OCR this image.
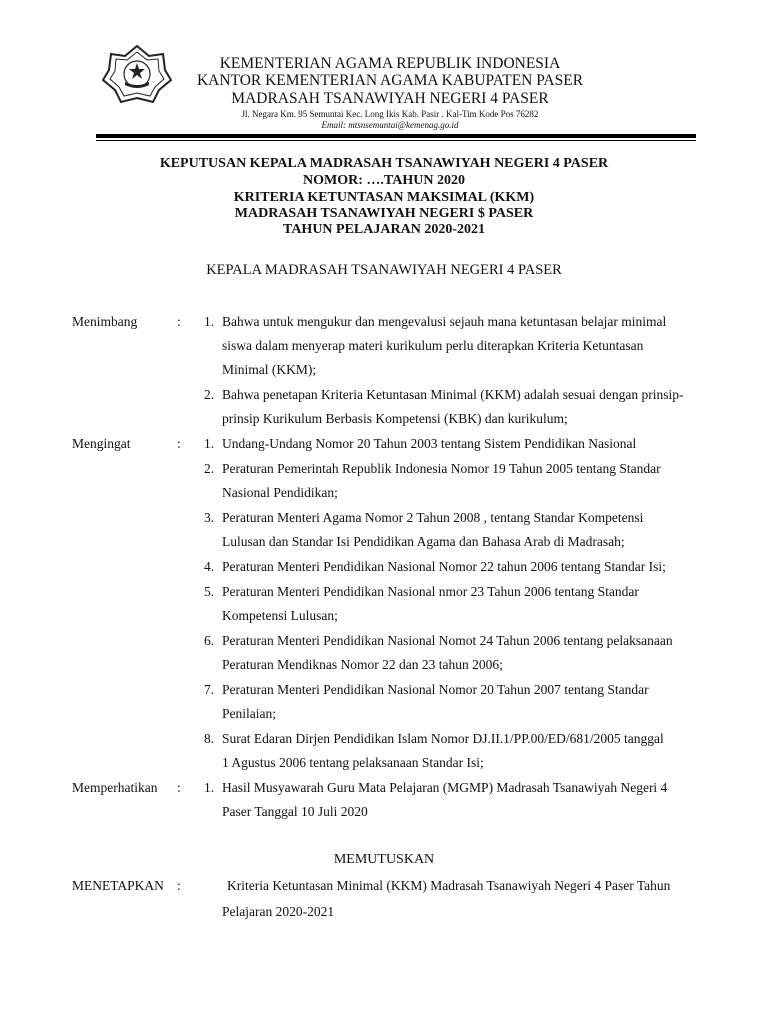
KEMENTERIAN AGAMA REPUBLIK INDONESIA
KANTOR KEMENTERIAN AGAMA KABUPATEN PASER
MADRASAH TSANAWIYAH NEGERI 4 PASER
Jl. Negara Km. 95 Semuntai Kec. Long Ikis Kab. Pasir . Kal-Tim Kode Pos 76282
Email: mtsnsemuntai@kemenag.go.id
KEPUTUSAN KEPALA MADRASAH TSANAWIYAH NEGERI 4 PASER
NOMOR: ….TAHUN 2020
KRITERIA KETUNTASAN MAKSIMAL (KKM)
MADRASAH TSANAWIYAH NEGERI $ PASER
TAHUN PELAJARAN 2020-2021
KEPALA MADRASAH TSANAWIYAH NEGERI 4 PASER
Menimbang	: 1. Bahwa untuk mengukur dan mengevalusi sejauh mana ketuntasan belajar minimal
siswa dalam menyerap materi kurikulum perlu diterapkan Kriteria Ketuntasan
Minimal (KKM);
2. Bahwa penetapan Kriteria Ketuntasan Minimal (KKM) adalah sesuai dengan prinsip-
prinsip Kurikulum Berbasis Kompetensi (KBK) dan kurikulum;
Mengingat	: 1. Undang-Undang Nomor 20 Tahun 2003 tentang Sistem Pendidikan Nasional
2. Peraturan Pemerintah Republik Indonesia Nomor 19 Tahun 2005 tentang Standar
Nasional Pendidikan;
3. Peraturan Menteri Agama Nomor 2 Tahun 2008 , tentang Standar Kompetensi
Lulusan dan Standar Isi Pendidikan Agama dan Bahasa Arab di Madrasah;
4. Peraturan Menteri Pendidikan Nasional Nomor 22 tahun 2006 tentang Standar Isi;
5. Peraturan Menteri Pendidikan Nasional nmor 23 Tahun 2006 tentang Standar
Kompetensi Lulusan;
6. Peraturan Menteri Pendidikan Nasional Nomot 24 Tahun 2006 tentang pelaksanaan
Peraturan Mendiknas Nomor 22 dan 23 tahun 2006;
7. Peraturan Menteri Pendidikan Nasional Nomor 20 Tahun 2007 tentang Standar
Penilaian;
8. Surat Edaran Dirjen Pendidikan Islam Nomor DJ.II.1/PP.00/ED/681/2005 tanggal
1 Agustus 2006 tentang pelaksanaan Standar Isi;
Memperhatikan : 1. Hasil Musyawarah Guru Mata Pelajaran (MGMP) Madrasah Tsanawiyah Negeri 4
Paser Tanggal 10 Juli 2020
MEMUTUSKAN
MENETAPKAN :	Kriteria Ketuntasan Minimal (KKM) Madrasah Tsanawiyah Negeri 4 Paser Tahun
Pelajaran 2020-2021
